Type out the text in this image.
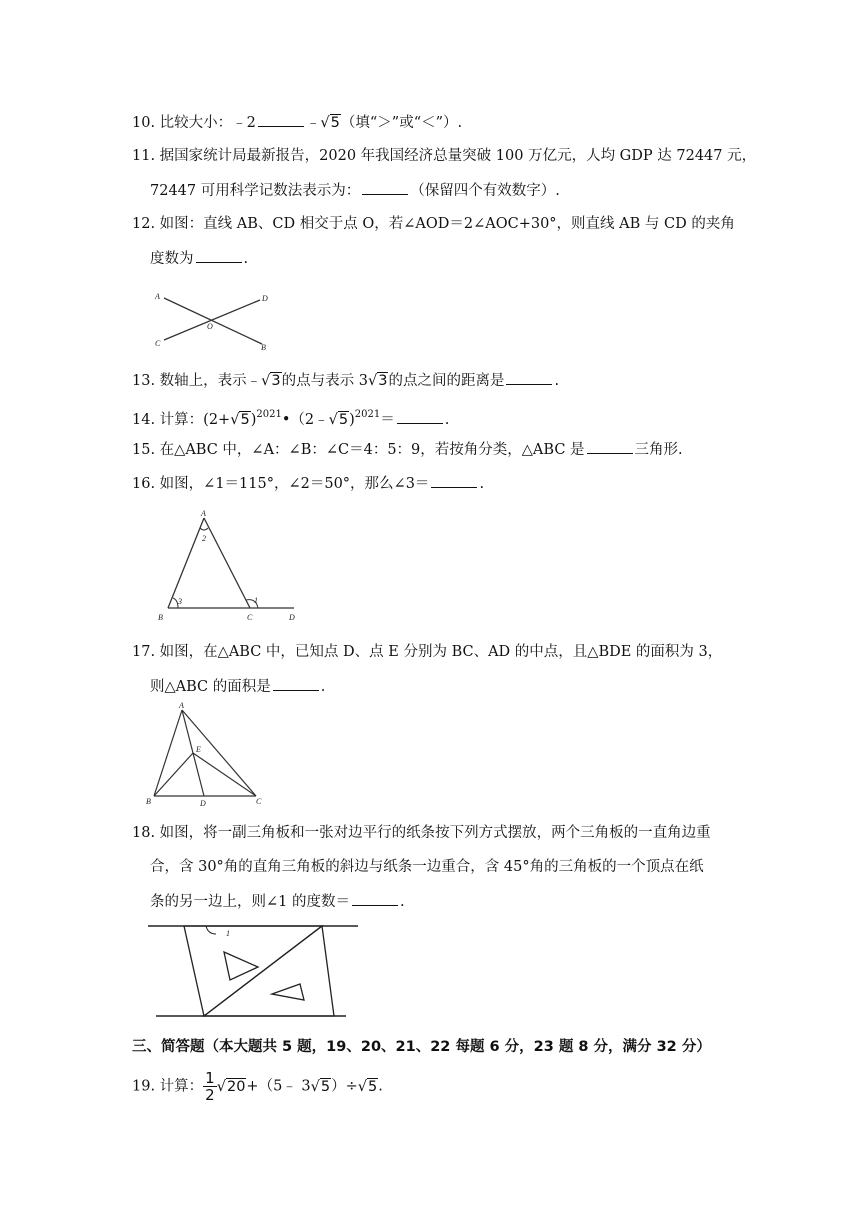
10. 比较大小：﹣2	﹣√5（填“＞”或“＜”）.
11. 据国家统计局最新报告，2020 年我国经济总量突破 100 万亿元，人均 GDP 达 72447 元，
72447 可用科学记数法表示为：	（保留四个有效数字）.
12. 如图：直线 AB、CD 相交于点 O，若∠AOD＝2∠AOC+30°，则直线 AB 与 CD 的夹角
度数为	.
A	D
O
C	B
13. 数轴上，表示﹣√3的点与表示 3√3的点之间的距离是	.
14. 计算：$(2+√5)^{2021}•(2﹣√5)^{2021}=$	.
15. 在△ABC 中，∠A：∠B：∠C＝4：5：9，若按角分类，△ABC 是	三角形.
16. 如图，∠1＝115°，∠2＝50°，那么∠3＝	.
A
2
3	1
B	C	D
17. 如图，在△ABC 中，已知点 D、点 E 分别为 BC、AD 的中点，且△BDE 的面积为 3，
则△ABC 的面积是	.
A
E
B	D	C
18. 如图，将一副三角板和一张对边平行的纸条按下列方式摆放，两个三角板的一直角边重
合，含 30°角的直角三角板的斜边与纸条一边重合，含 45°角的三角板的一个顶点在纸
条的另一边上，则∠1 的度数＝	.
1
三、简答题（本大题共 5 题，19、20、21、22 每题 6 分，23 题 8 分，满分 32 分）
19. 计算： $\frac{1}{2}$ √20+（5﹣ 3√5）÷√5.
